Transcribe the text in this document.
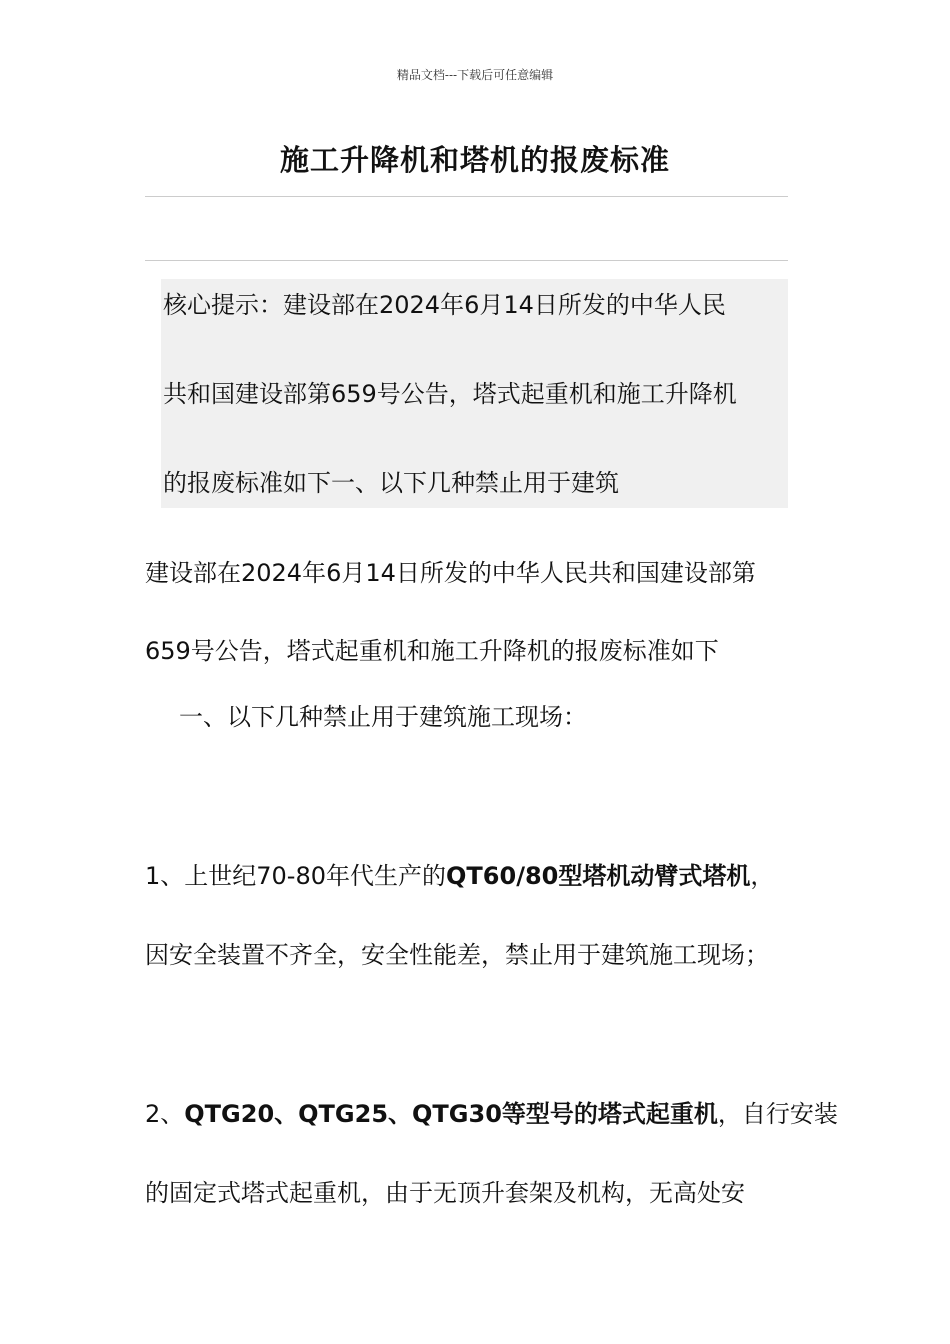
精品文档---下载后可任意编辑
施工升降机和塔机的报废标准
核心提示：建设部在2024年6月14日所发的中华人民
共和国建设部第659号公告，塔式起重机和施工升降机
的报废标准如下一、以下几种禁止用于建筑
建设部在2024年6月14日所发的中华人民共和国建设部第
659号公告，塔式起重机和施工升降机的报废标准如下
一、以下几种禁止用于建筑施工现场：
1、上世纪70-80年代生产的QT60/80型塔机动臂式塔机，
因安全装置不齐全，安全性能差，禁止用于建筑施工现场；
2、QTG20、QTG25、QTG30等型号的塔式起重机，自行安装
的固定式塔式起重机，由于无顶升套架及机构，无高处安
